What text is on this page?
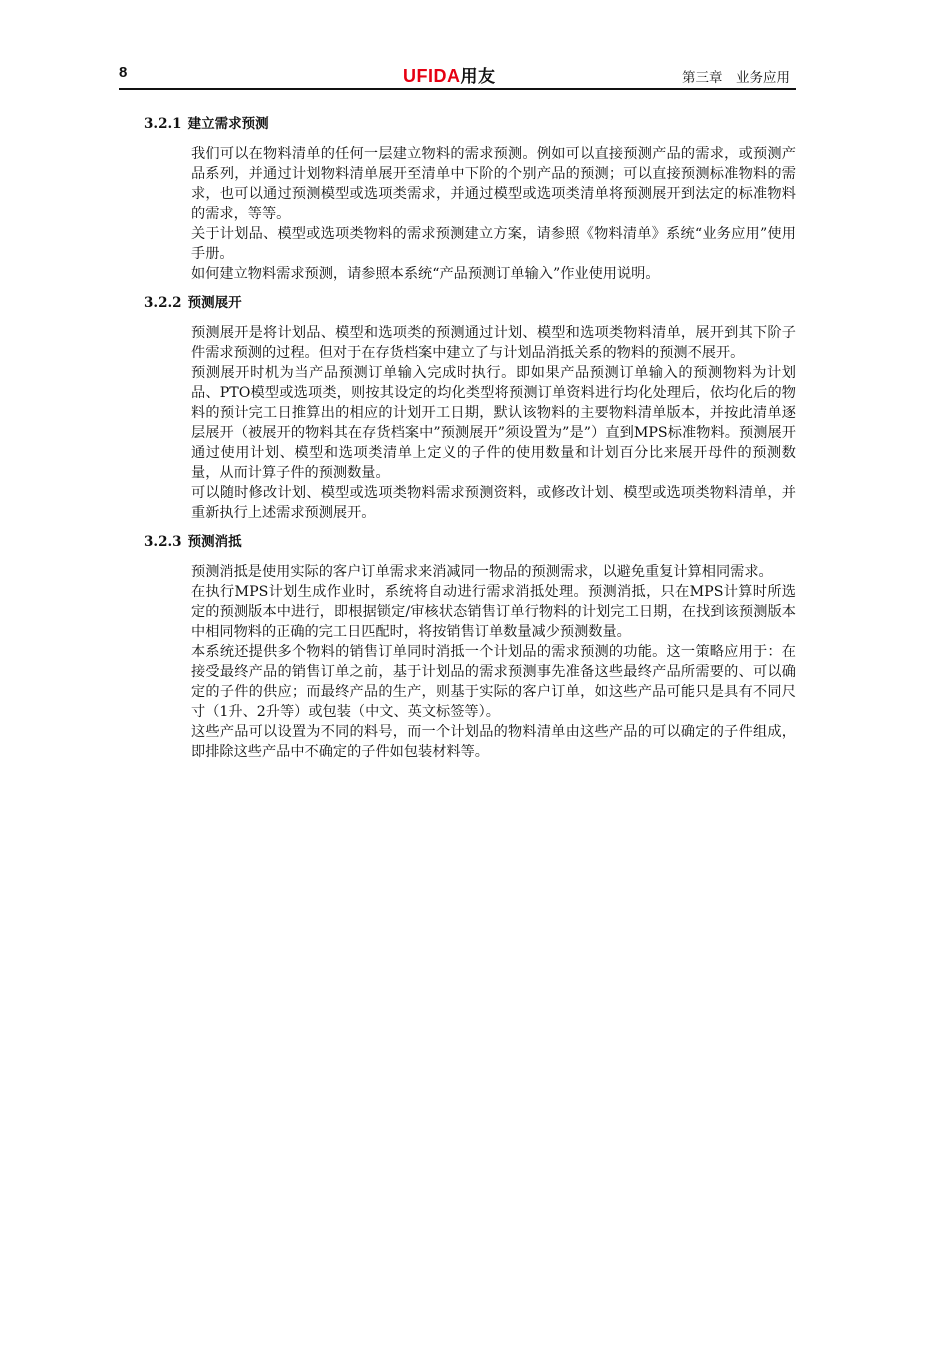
8	UFIDA用友	第三章　业务应用
3.2.1 建立需求预测

我们可以在物料清单的任何一层建立物料的需求预测。例如可以直接预测产品的需求，或预测产品系列，并通过计划物料清单展开至清单中下阶的个别产品的预测；可以直接预测标准物料的需求，也可以通过预测模型或选项类需求，并通过模型或选项类清单将预测展开到法定的标准物料的需求，等等。

关于计划品、模型或选项类物料的需求预测建立方案，请参照《物料清单》系统“业务应用”使用手册。

如何建立物料需求预测，请参照本系统“产品预测订单输入”作业使用说明。

3.2.2 预测展开

预测展开是将计划品、模型和选项类的预测通过计划、模型和选项类物料清单，展开到其下阶子件需求预测的过程。但对于在存货档案中建立了与计划品消抵关系的物料的预测不展开。

预测展开时机为当产品预测订单输入完成时执行。即如果产品预测订单输入的预测物料为计划品、PTO模型或选项类，则按其设定的均化类型将预测订单资料进行均化处理后，依均化后的物料的预计完工日推算出的相应的计划开工日期，默认该物料的主要物料清单版本，并按此清单逐层展开（被展开的物料其在存货档案中”预测展开”须设置为”是”）直到MPS标准物料。预测展开通过使用计划、模型和选项类清单上定义的子件的使用数量和计划百分比来展开母件的预测数量，从而计算子件的预测数量。

可以随时修改计划、模型或选项类物料需求预测资料，或修改计划、模型或选项类物料清单，并重新执行上述需求预测展开。

3.2.3 预测消抵

预测消抵是使用实际的客户订单需求来消减同一物品的预测需求，以避免重复计算相同需求。

在执行MPS计划生成作业时，系统将自动进行需求消抵处理。预测消抵，只在MPS计算时所选定的预测版本中进行，即根据锁定/审核状态销售订单行物料的计划完工日期，在找到该预测版本中相同物料的正确的完工日匹配时，将按销售订单数量减少预测数量。

本系统还提供多个物料的销售订单同时消抵一个计划品的需求预测的功能。这一策略应用于：在接受最终产品的销售订单之前，基于计划品的需求预测事先准备这些最终产品所需要的、可以确定的子件的供应；而最终产品的生产，则基于实际的客户订单，如这些产品可能只是具有不同尺寸（1升、2升等）或包装（中文、英文标签等）。

这些产品可以设置为不同的料号，而一个计划品的物料清单由这些产品的可以确定的子件组成，即排除这些产品中不确定的子件如包装材料等。
